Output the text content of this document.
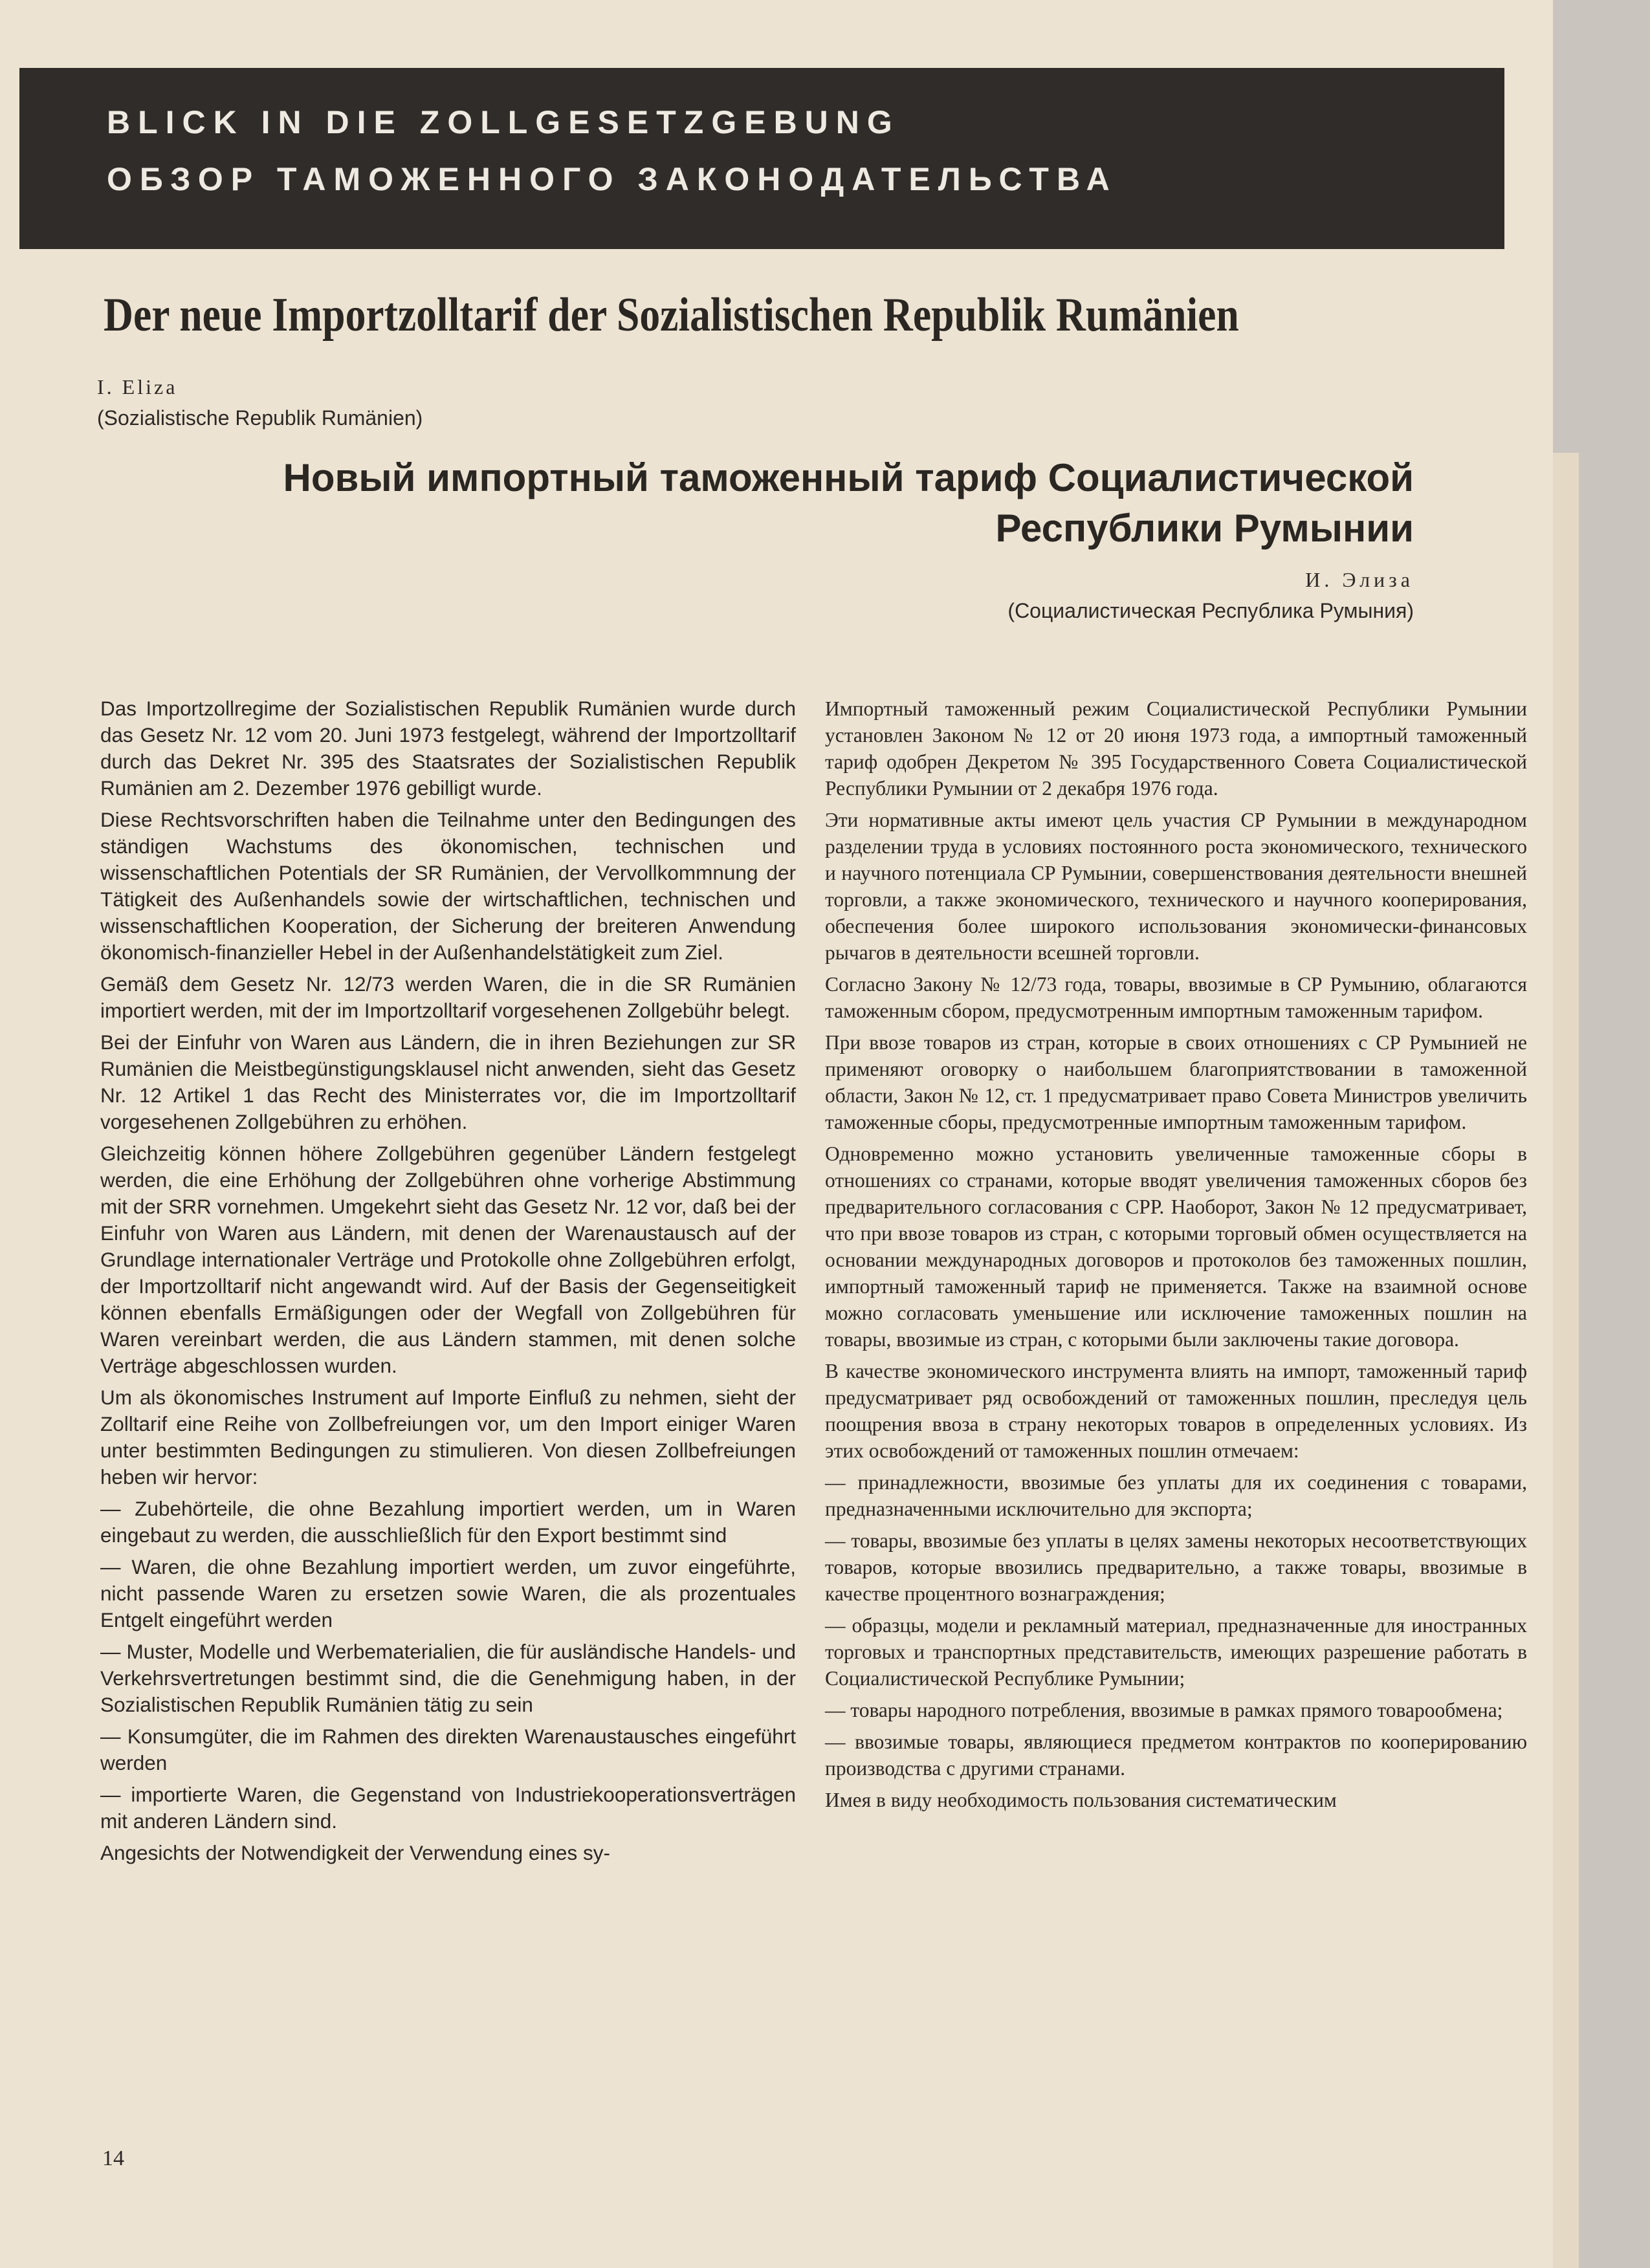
BLICK IN DIE ZOLLGESETZGEBUNG
ОБЗОР ТАМОЖЕННОГО ЗАКОНОДАТЕЛЬСТВА
Der neue Importzolltarif der Sozialistischen Republik Rumänien
I. Eliza
(Sozialistische Republik Rumänien)
Новый импортный таможенный тариф Социалистической
Республики Румынии
И. Элиза
(Социалистическая Республика Румыния)

Das Importzollregime der Sozialistischen Republik Rumänien wurde durch das Gesetz Nr. 12 vom 20. Juni 1973 festgelegt, während der Importzolltarif durch das Dekret Nr. 395 des Staatsrates der Sozialistischen Republik Rumänien am 2. Dezember 1976 gebilligt wurde.

Diese Rechtsvorschriften haben die Teilnahme unter den Bedingungen des ständigen Wachstums des ökonomischen, technischen und wissenschaftlichen Potentials der SR Rumänien, der Vervollkommnung der Tätigkeit des Außenhandels sowie der wirtschaftlichen, technischen und wissenschaftlichen Kooperation, der Sicherung der breiteren Anwendung ökonomisch-finanzieller Hebel in der Außenhandelstätigkeit zum Ziel.

Gemäß dem Gesetz Nr. 12/73 werden Waren, die in die SR Rumänien importiert werden, mit der im Importzolltarif vorgesehenen Zollgebühr belegt.

Bei der Einfuhr von Waren aus Ländern, die in ihren Beziehungen zur SR Rumänien die Meistbegünstigungsklausel nicht anwenden, sieht das Gesetz Nr. 12 Artikel 1 das Recht des Ministerrates vor, die im Importzolltarif vorgesehenen Zollgebühren zu erhöhen.

Gleichzeitig können höhere Zollgebühren gegenüber Ländern festgelegt werden, die eine Erhöhung der Zollgebühren ohne vorherige Abstimmung mit der SRR vornehmen. Umgekehrt sieht das Gesetz Nr. 12 vor, daß bei der Einfuhr von Waren aus Ländern, mit denen der Warenaustausch auf der Grundlage internationaler Verträge und Protokolle ohne Zollgebühren erfolgt, der Importzolltarif nicht angewandt wird. Auf der Basis der Gegenseitigkeit können ebenfalls Ermäßigungen oder der Wegfall von Zollgebühren für Waren vereinbart werden, die aus Ländern stammen, mit denen solche Verträge abgeschlossen wurden.

Um als ökonomisches Instrument auf Importe Einfluß zu nehmen, sieht der Zolltarif eine Reihe von Zollbefreiungen vor, um den Import einiger Waren unter bestimmten Bedingungen zu stimulieren. Von diesen Zollbefreiungen heben wir hervor:

— Zubehörteile, die ohne Bezahlung importiert werden, um in Waren eingebaut zu werden, die ausschließlich für den Export bestimmt sind

— Waren, die ohne Bezahlung importiert werden, um zuvor eingeführte, nicht passende Waren zu ersetzen sowie Waren, die als prozentuales Entgelt eingeführt werden

— Muster, Modelle und Werbematerialien, die für ausländische Handels- und Verkehrsvertretungen bestimmt sind, die die Genehmigung haben, in der Sozialistischen Republik Rumänien tätig zu sein

— Konsumgüter, die im Rahmen des direkten Warenaustausches eingeführt werden

— importierte Waren, die Gegenstand von Industriekooperationsverträgen mit anderen Ländern sind.

Angesichts der Notwendigkeit der Verwendung eines sy-

Импортный таможенный режим Социалистической Республики Румынии установлен Законом № 12 от 20 июня 1973 года, а импортный таможенный тариф одобрен Декретом № 395 Государственного Совета Социалистической Республики Румынии от 2 декабря 1976 года.

Эти нормативные акты имеют цель участия СР Румынии в международном разделении труда в условиях постоянного роста экономического, технического и научного потенциала СР Румынии, совершенствования деятельности внешней торговли, а также экономического, технического и научного кооперирования, обеспечения более широкого использования экономически-финансовых рычагов в деятельности всешней торговли.

Согласно Закону № 12/73 года, товары, ввозимые в СР Румынию, облагаются таможенным сбором, предусмотренным импортным таможенным тарифом.

При ввозе товаров из стран, которые в своих отношениях с СР Румынией не применяют оговорку о наибольшем благоприятствовании в таможенной области, Закон № 12, ст. 1 предусматривает право Совета Министров увеличить таможенные сборы, предусмотренные импортным таможенным тарифом.

Одновременно можно установить увеличенные таможенные сборы в отношениях со странами, которые вводят увеличения таможенных сборов без предварительного согласования с СРР. Наоборот, Закон № 12 предусматривает, что при ввозе товаров из стран, с которыми торговый обмен осуществляется на основании международных договоров и протоколов без таможенных пошлин, импортный таможенный тариф не применяется. Также на взаимной основе можно согласовать уменьшение или исключение таможенных пошлин на товары, ввозимые из стран, с которыми были заключены такие договора.

В качестве экономического инструмента влиять на импорт, таможенный тариф предусматривает ряд освобождений от таможенных пошлин, преследуя цель поощрения ввоза в страну некоторых товаров в определенных условиях. Из этих освобождений от таможенных пошлин отмечаем:

— принадлежности, ввозимые без уплаты для их соединения с товарами, предназначенными исключительно для экспорта;

— товары, ввозимые без уплаты в целях замены некоторых несоответствующих товаров, которые ввозились предварительно, а также товары, ввозимые в качестве процентного вознаграждения;

— образцы, модели и рекламный материал, предназначенные для иностранных торговых и транспортных представительств, имеющих разрешение работать в Социалистической Республике Румынии;

— товары народного потребления, ввозимые в рамках прямого товарообмена;

— ввозимые товары, являющиеся предметом контрактов по кооперированию производства с другими странами.

Имея в виду необходимость пользования систематическим

14
